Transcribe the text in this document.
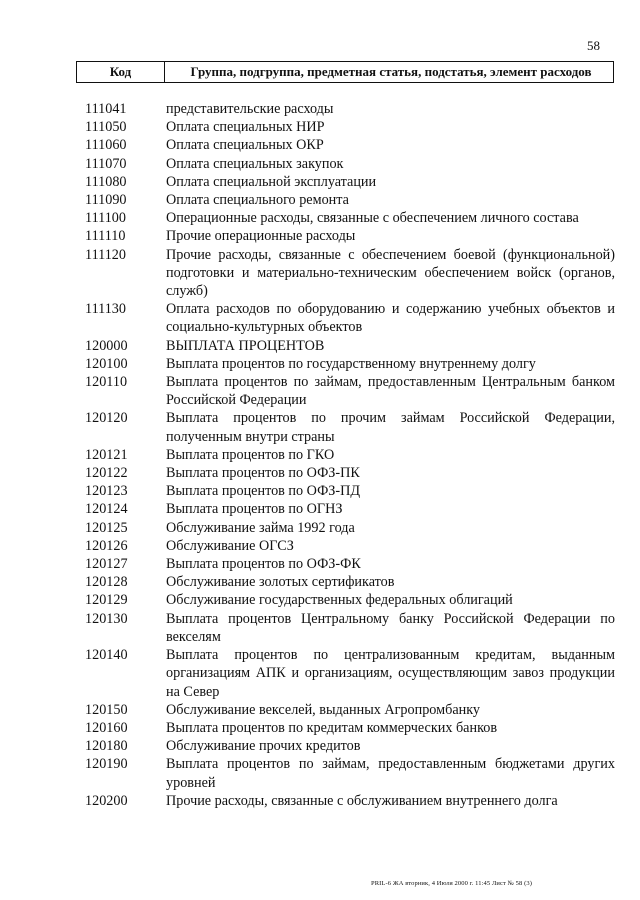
58
Код	Группа, подгруппа, предметная статья, подстатья, элемент расходов
111041	представительские расходы
111050	Оплата специальных НИР
111060	Оплата специальных ОКР
111070	Оплата специальных закупок
111080	Оплата специальной эксплуатации
111090	Оплата специального ремонта
111100	Операционные расходы, связанные с обеспечением личного состава
111110	Прочие операционные расходы
111120	Прочие расходы, связанные с обеспечением боевой (функциональной) подготовки и материально-техническим обеспечением войск (органов, служб)
111130	Оплата расходов по оборудованию и содержанию учебных объектов и социально-культурных объектов
120000	ВЫПЛАТА ПРОЦЕНТОВ
120100	Выплата процентов по государственному внутреннему долгу
120110	Выплата процентов по займам, предоставленным Центральным банком Российской Федерации
120120	Выплата процентов по прочим займам Российской Федерации, полученным внутри страны
120121	Выплата процентов по ГКО
120122	Выплата процентов по ОФЗ-ПК
120123	Выплата процентов по ОФЗ-ПД
120124	Выплата процентов по ОГНЗ
120125	Обслуживание займа 1992 года
120126	Обслуживание ОГСЗ
120127	Выплата процентов по ОФЗ-ФК
120128	Обслуживание золотых сертификатов
120129	Обслуживание государственных федеральных облигаций
120130	Выплата процентов Центральному банку Российской Федерации по векселям
120140	Выплата процентов по централизованным кредитам, выданным организациям АПК и организациям, осуществляющим завоз продукции на Север
120150	Обслуживание векселей, выданных Агропромбанку
120160	Выплата процентов по кредитам коммерческих банков
120180	Обслуживание прочих кредитов
120190	Выплата процентов по займам, предоставленным бюджетами других уровней
120200	Прочие расходы, связанные с обслуживанием внутреннего долга
PRIL-6 ЖА вторник, 4 Июля 2000 г. 11:45 Лист № 58 (3)
